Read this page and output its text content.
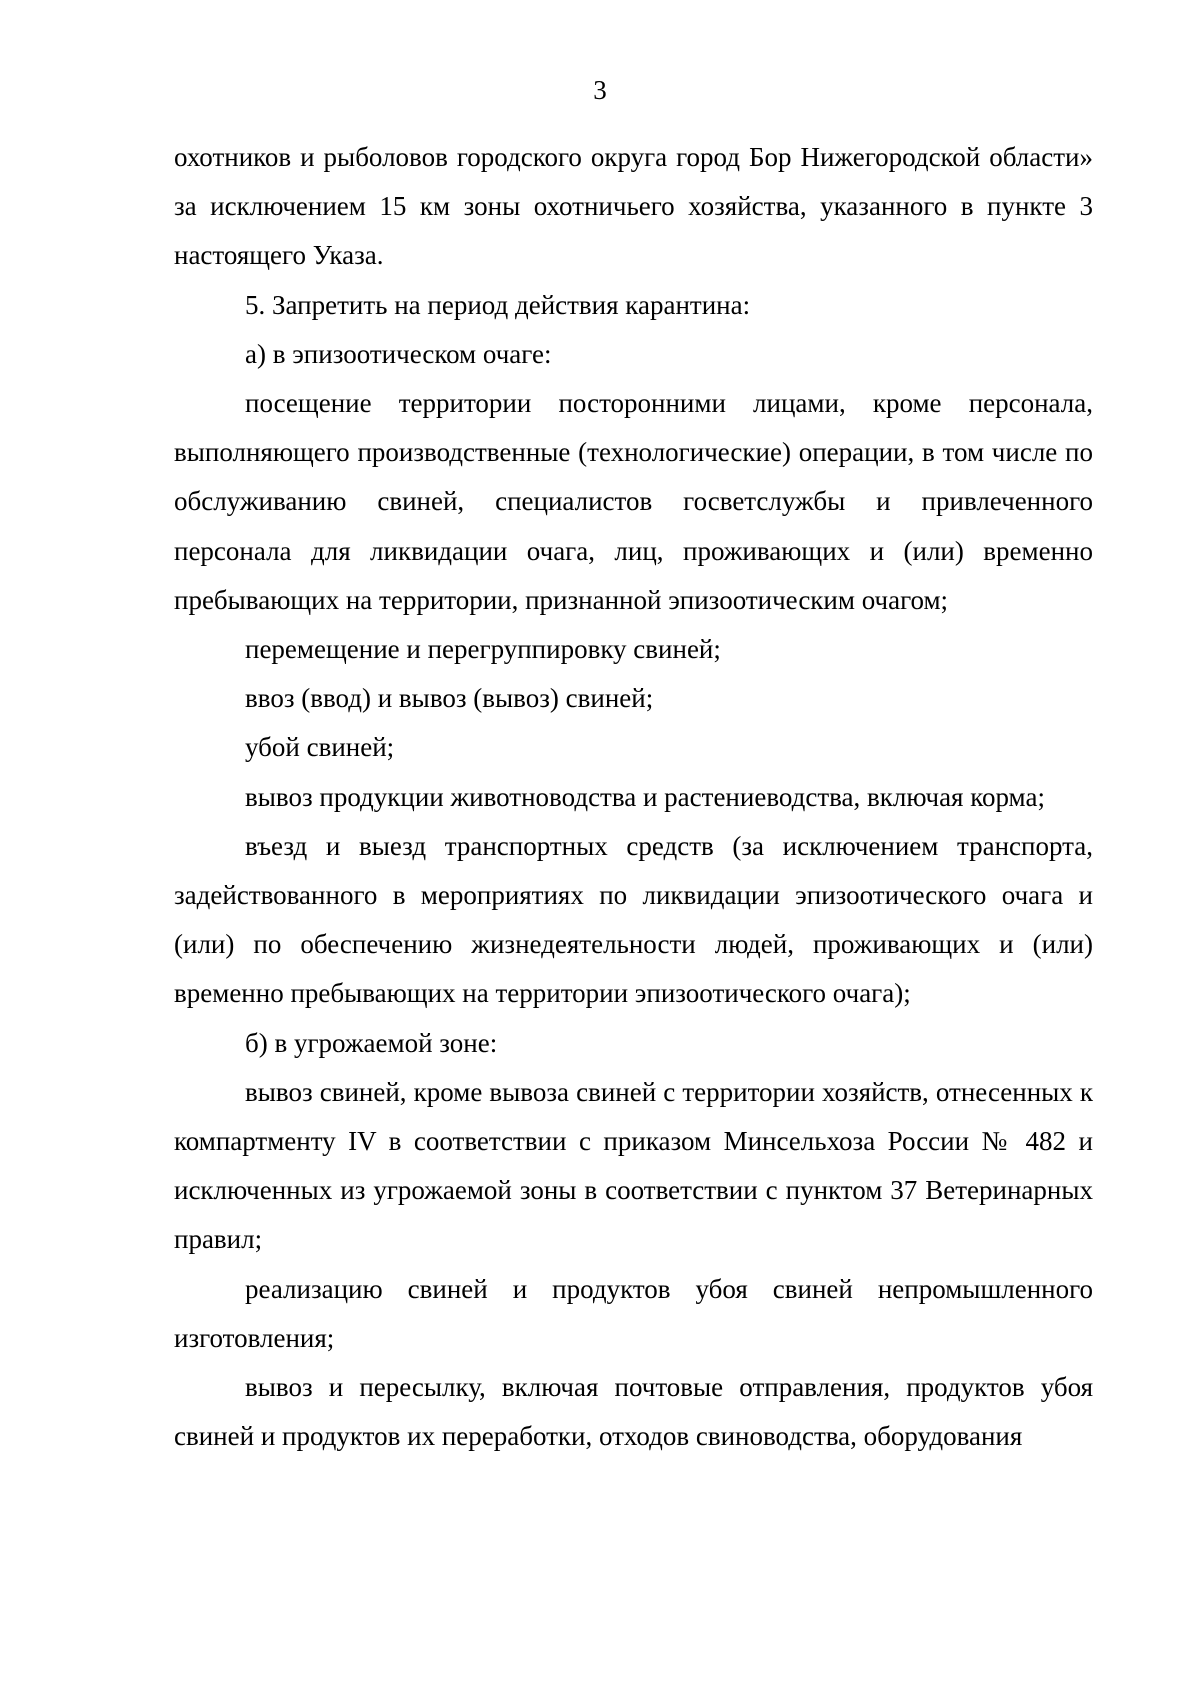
3

охотников и рыболовов городского округа город Бор Нижегородской области» за исключением 15 км зоны охотничьего хозяйства, указанного в пункте 3 настоящего Указа.

5. Запретить на период действия карантина:

а) в эпизоотическом очаге:

посещение территории посторонними лицами, кроме персонала, выполняющего производственные (технологические) операции, в том числе по обслуживанию свиней, специалистов госветслужбы и привлеченного персонала для ликвидации очага, лиц, проживающих и (или) временно пребывающих на территории, признанной эпизоотическим очагом;

перемещение и перегруппировку свиней;

ввоз (ввод) и вывоз (вывоз) свиней;

убой свиней;

вывоз продукции животноводства и растениеводства, включая корма;

въезд и выезд транспортных средств (за исключением транспорта, задействованного в мероприятиях по ликвидации эпизоотического очага и (или) по обеспечению жизнедеятельности людей, проживающих и (или) временно пребывающих на территории эпизоотического очага);

б) в угрожаемой зоне:

вывоз свиней, кроме вывоза свиней с территории хозяйств, отнесенных к компартменту IV в соответствии с приказом Минсельхоза России № 482 и исключенных из угрожаемой зоны в соответствии с пунктом 37 Ветеринарных правил;

реализацию свиней и продуктов убоя свиней непромышленного изготовления;

вывоз и пересылку, включая почтовые отправления, продуктов убоя свиней и продуктов их переработки, отходов свиноводства, оборудования
